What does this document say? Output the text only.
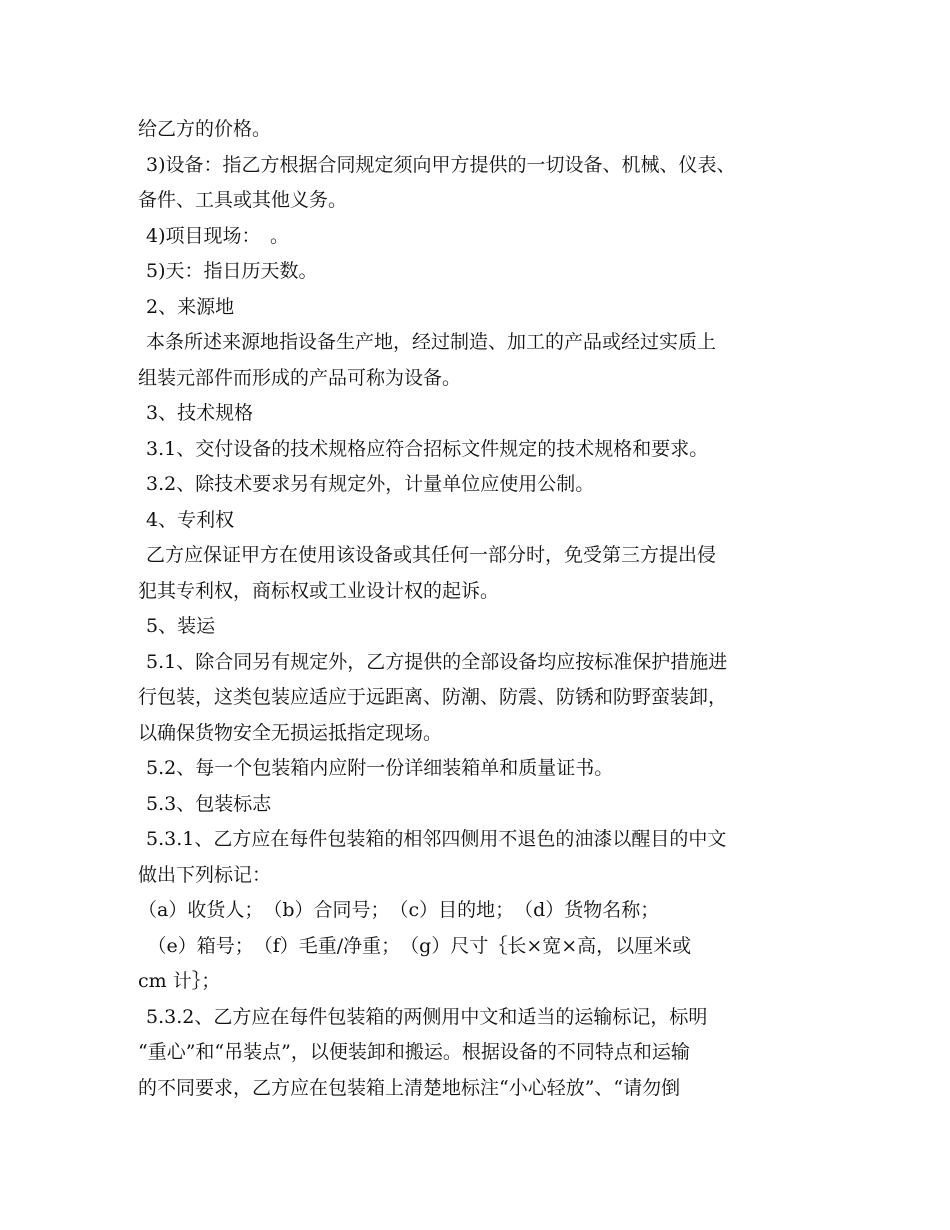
给乙方的价格。
3)设备：指乙方根据合同规定须向甲方提供的一切设备、机械、仪表、
备件、工具或其他义务。
4)项目现场：　。
5)天：指日历天数。
2、来源地
本条所述来源地指设备生产地，经过制造、加工的产品或经过实质上
组装元部件而形成的产品可称为设备。
3、技术规格
3.1、交付设备的技术规格应符合招标文件规定的技术规格和要求。
3.2、除技术要求另有规定外，计量单位应使用公制。
4、专利权
乙方应保证甲方在使用该设备或其任何一部分时，免受第三方提出侵
犯其专利权，商标权或工业设计权的起诉。
5、装运
5.1、除合同另有规定外，乙方提供的全部设备均应按标准保护措施进
行包装，这类包装应适应于远距离、防潮、防震、防锈和防野蛮装卸，
以确保货物安全无损运抵指定现场。
5.2、每一个包装箱内应附一份详细装箱单和质量证书。
5.3、包装标志
5.3.1、乙方应在每件包装箱的相邻四侧用不退色的油漆以醒目的中文
做出下列标记：
（a）收货人；　（b）合同号；　（c）目的地；　（d）货物名称；
　（e）箱号；　（f）毛重/净重；　（g）尺寸｛长×宽×高，以厘米或
cm 计｝；
5.3.2、乙方应在每件包装箱的两侧用中文和适当的运输标记，标明
“重心”和“吊装点”，以便装卸和搬运。根据设备的不同特点和运输
的不同要求，乙方应在包装箱上清楚地标注“小心轻放”、“请勿倒
